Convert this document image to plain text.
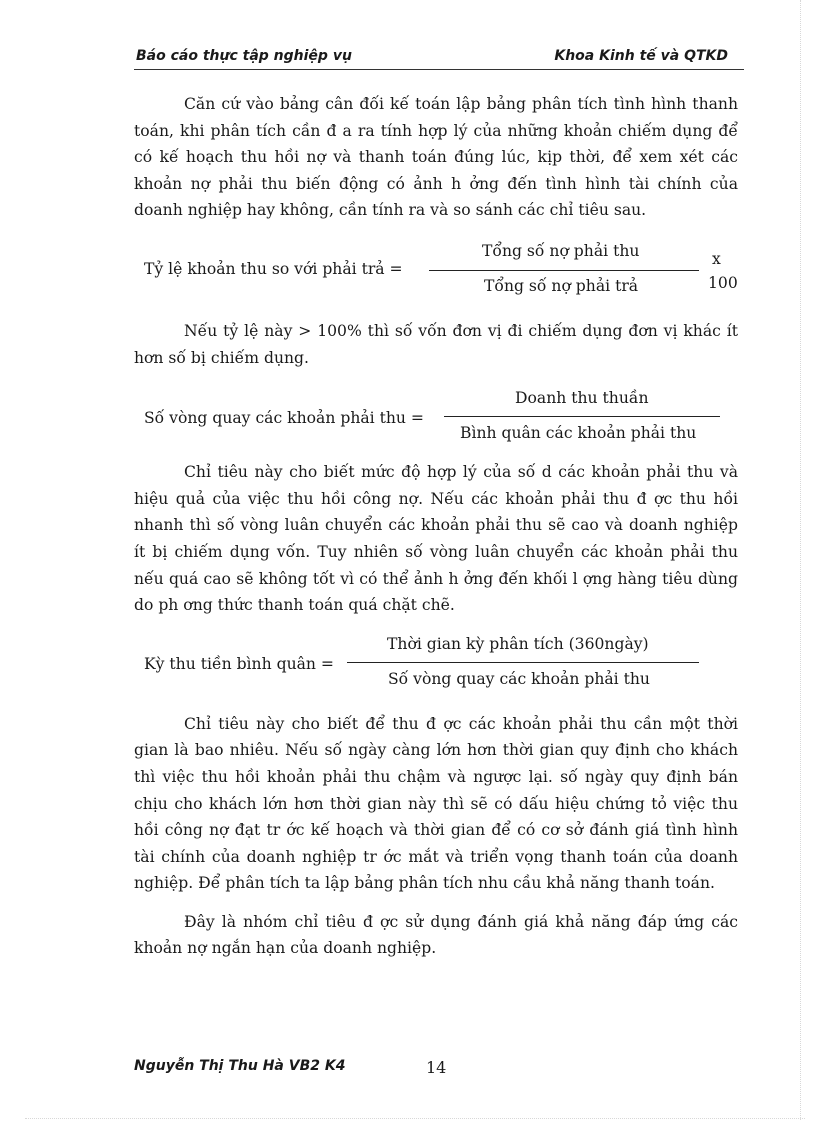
Báo cáo thực tập nghiệp vụ	Khoa Kinh tế và QTKD

Căn cứ vào bảng cân đối kế toán lập bảng phân tích tình hình thanh toán, khi phân tích cần đ a ra tính hợp lý của những khoản chiếm dụng để có kế hoạch thu hồi nợ và thanh toán đúng lúc, kịp thời, để xem xét các khoản nợ phải thu biến động có ảnh h ởng đến tình hình tài chính của doanh nghiệp hay không, cần tính ra và so sánh các chỉ tiêu sau.

Tỷ lệ khoản thu so với phải trả =
Tổng số nợ phải thu
Tổng số nợ phải trả
x
100

Nếu tỷ lệ này > 100% thì số vốn đơn vị đi chiếm dụng đơn vị khác ít hơn số bị chiếm dụng.

Số vòng quay các khoản phải thu =
Doanh thu thuần
Bình quân các khoản phải thu

Chỉ tiêu này cho biết mức độ hợp lý của số d các khoản phải thu và hiệu quả của việc thu hồi công nợ. Nếu các khoản phải thu đ ợc thu hồi nhanh thì số vòng luân chuyển các khoản phải thu sẽ cao và doanh nghiệp ít bị chiếm dụng vốn. Tuy nhiên số vòng luân chuyển các khoản phải thu nếu quá cao sẽ không tốt vì có thể ảnh h ởng đến khối l ợng hàng tiêu dùng do ph ơng thức thanh toán quá chặt chẽ.

Kỳ thu tiền bình quân =
Thời gian kỳ phân tích (360ngày)
Số vòng quay các khoản phải thu

Chỉ tiêu này cho biết để thu đ ợc các khoản phải thu cần một thời gian là bao nhiêu. Nếu số ngày càng lớn hơn thời gian quy định cho khách thì việc thu hồi khoản phải thu chậm và ngược lại. số ngày quy định bán chịu cho khách lớn hơn thời gian này thì sẽ có dấu hiệu chứng tỏ việc thu hồi công nợ đạt tr ớc kế hoạch và thời gian để có cơ sở đánh giá tình hình tài chính của doanh nghiệp tr ớc mắt và triển vọng thanh toán của doanh nghiệp. Để phân tích ta lập bảng phân tích nhu cầu khả năng thanh toán.

Đây là nhóm chỉ tiêu đ ợc sử dụng đánh giá khả năng đáp ứng các khoản nợ ngắn hạn của doanh nghiệp.

Nguyễn Thị Thu Hà VB2 K4	14
